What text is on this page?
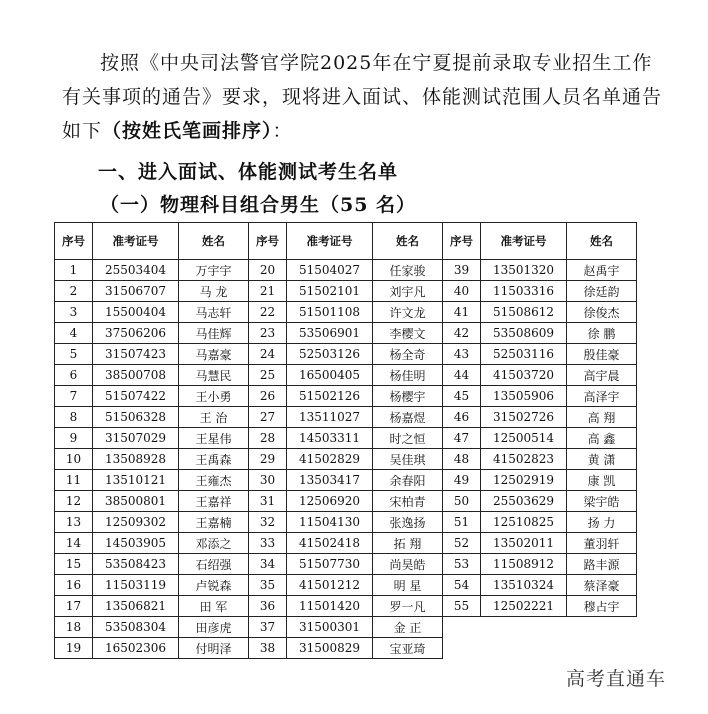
按照《中央司法警官学院2025年在宁夏提前录取专业招生工作有关事项的通告》要求，现将进入面试、体能测试范围人员名单通告如下（按姓氏笔画排序）：
一、进入面试、体能测试考生名单
（一）物理科目组合男生（55 名）
序号	准考证号	姓名	序号	准考证号	姓名	序号	准考证号	姓名
1	25503404	万宇宇	20	51504027	任家骏	39	13501320	赵禹宇
2	31506707	马 龙	21	51502101	刘宇凡	40	11503316	徐廷韵
3	15500404	马志轩	22	51501108	许文龙	41	51508612	徐俊杰
4	37506206	马佳辉	23	53506901	李樱文	42	53508609	徐 鹏
5	31507423	马嘉豪	24	52503126	杨全奇	43	52503116	殷佳豪
6	38500708	马慧民	25	16500405	杨佳明	44	41503720	高宇晨
7	51507422	王小勇	26	51502126	杨樱宇	45	13505906	高泽宇
8	51506328	王 治	27	13511027	杨嘉煜	46	31502726	高 翔
9	31507029	王星伟	28	14503311	时之恒	47	12500514	高 鑫
10	13508928	王禹森	29	41502829	吴佳琪	48	41502823	黄 潇
11	13510121	王雍杰	30	13503417	余春阳	49	12502919	康 凯
12	38500801	王嘉祥	31	12506920	宋柏青	50	25503629	梁宇皓
13	12509302	王嘉楠	32	11504130	张逸扬	51	12510825	扬 力
14	14503905	邓添之	33	41502418	拓 翔	52	13502011	董羽轩
15	53508423	石绍强	34	51507730	尚昊皓	53	11508912	路丰源
16	11503119	卢锐森	35	41501212	明 星	54	13510324	蔡泽豪
17	13506821	田 军	36	11501420	罗一凡	55	12502221	穆占宇
18	53508304	田彦虎	37	31500301	金 正			
19	16502306	付明泽	38	31500829	宝亚琦			
高考直通车
